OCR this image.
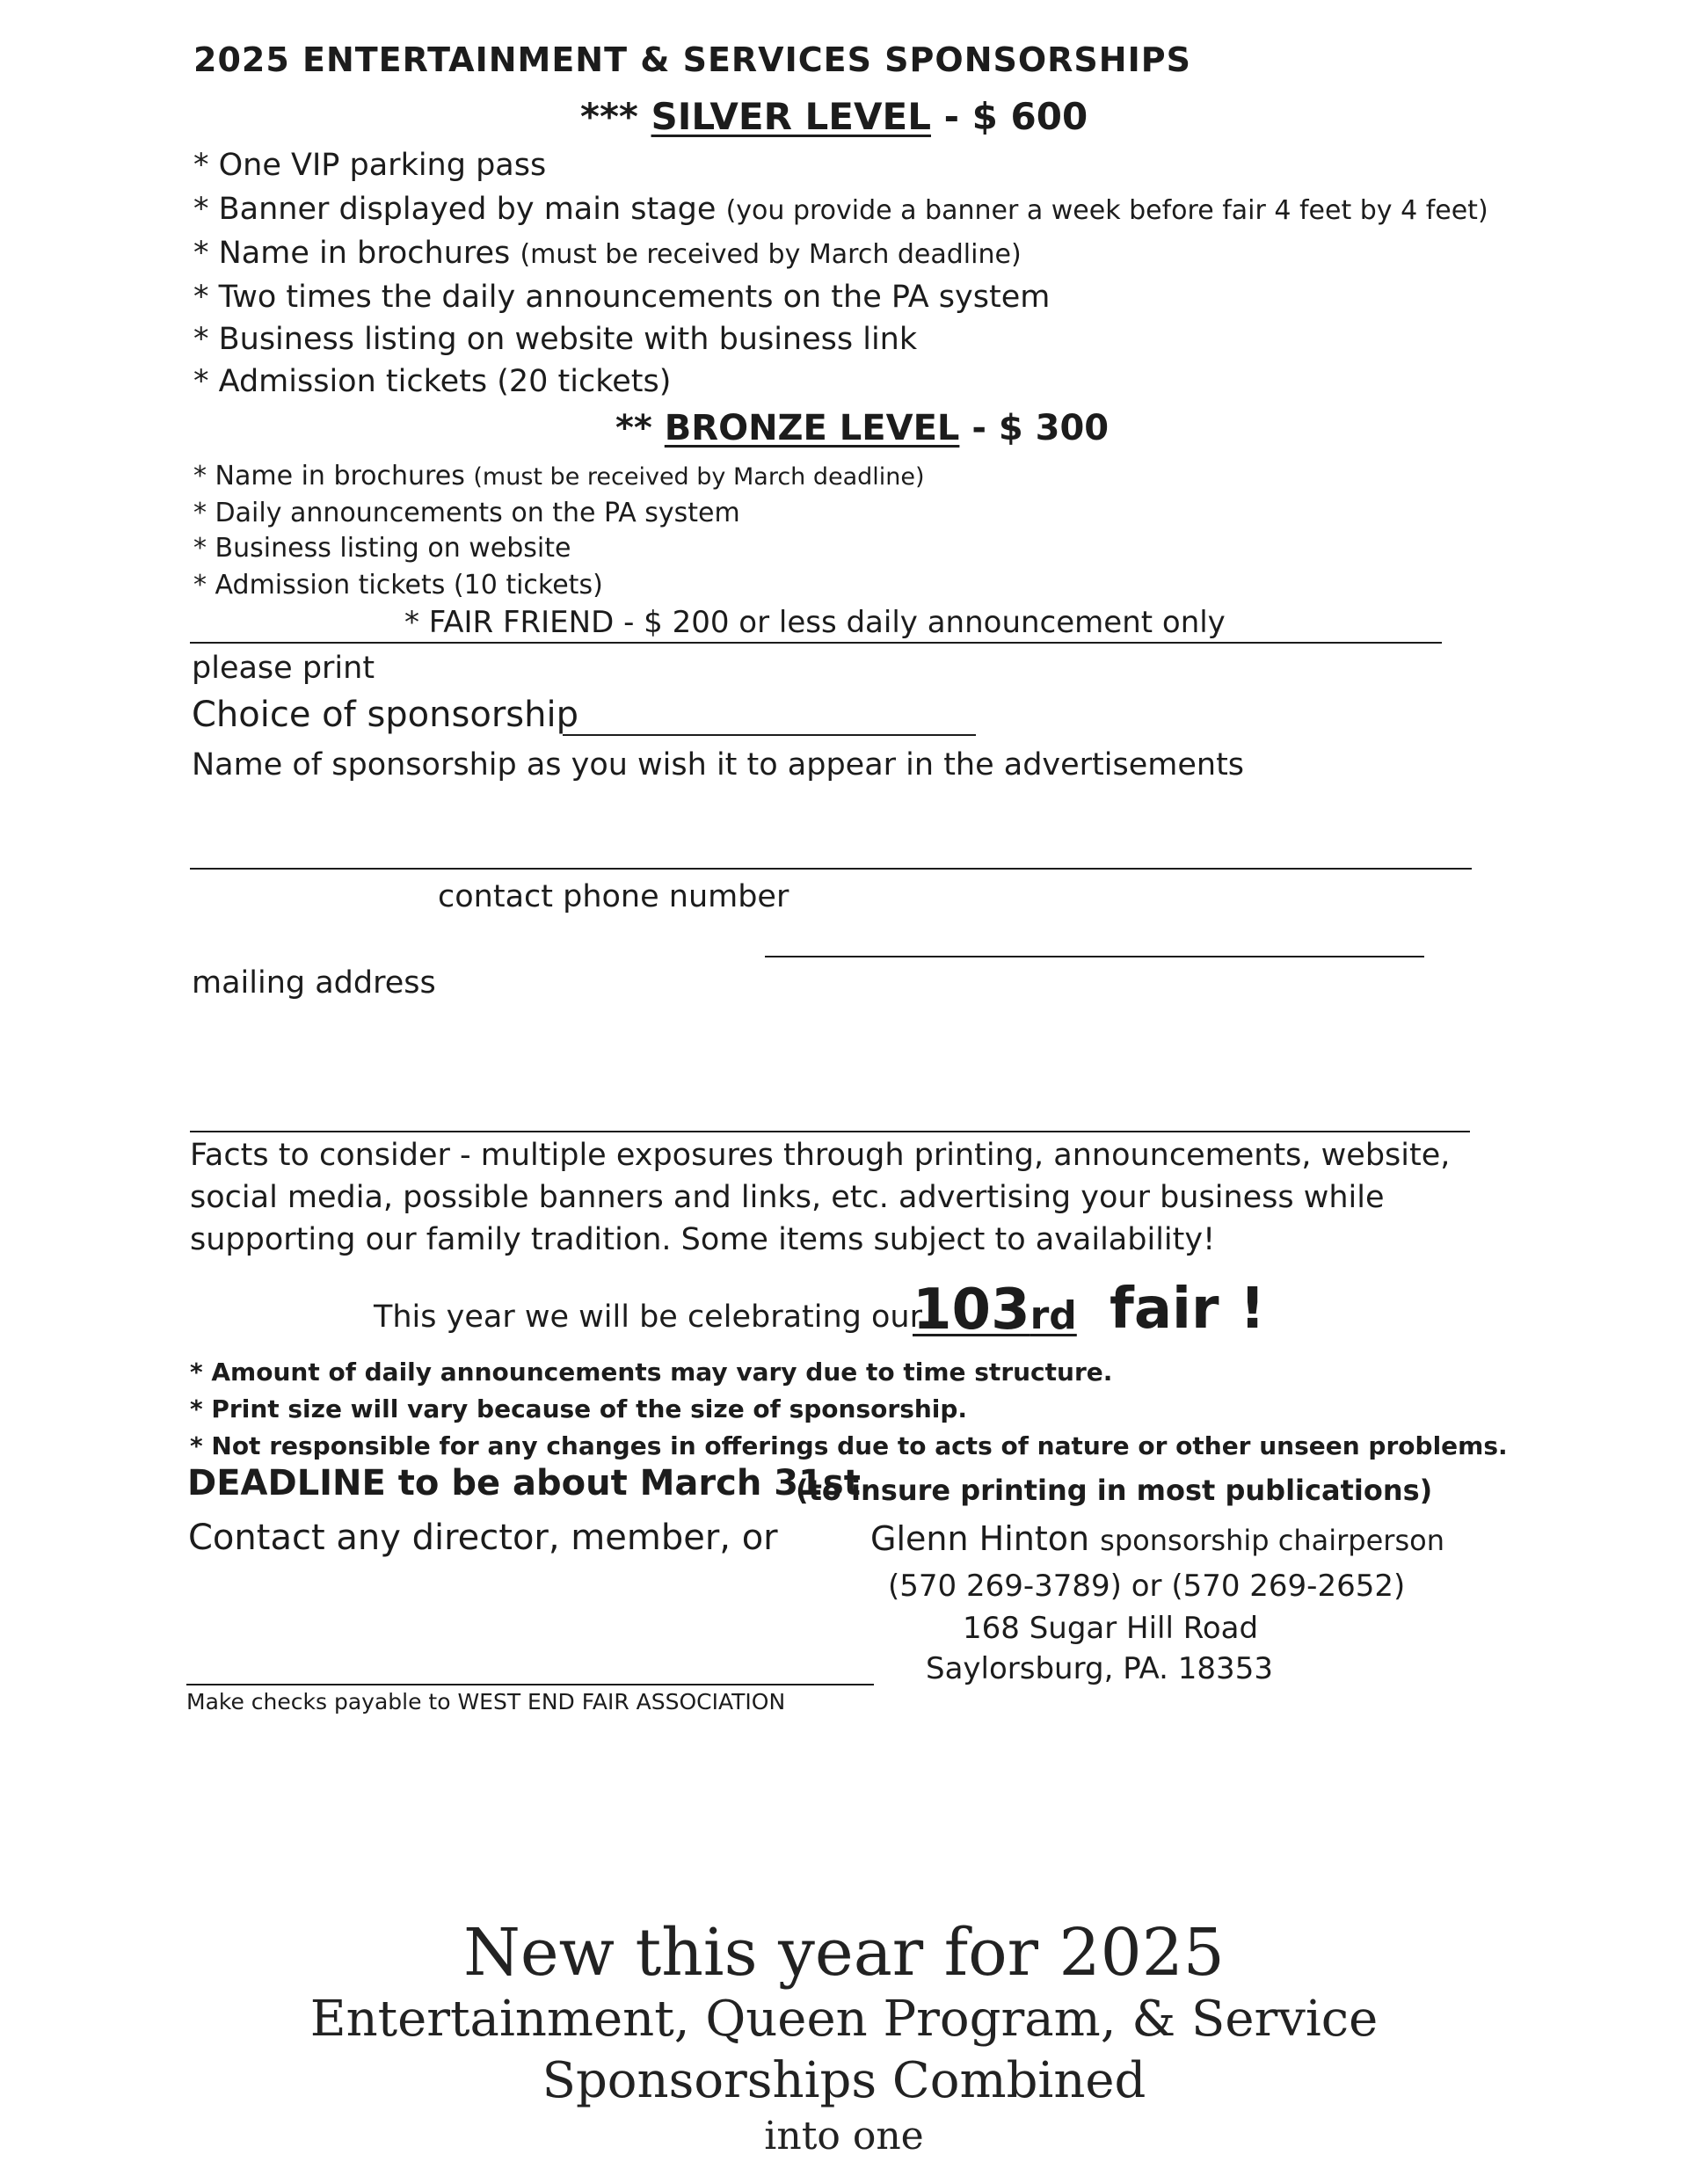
2025 ENTERTAINMENT & SERVICES SPONSORSHIPS
*** SILVER LEVEL - $ 600
* One VIP parking pass
* Banner displayed by main stage (you provide a banner a week before fair 4 feet by 4 feet)
* Name in brochures (must be received by March deadline)
* Two times the daily announcements on the PA system
* Business listing on website with business link
* Admission tickets (20 tickets)
** BRONZE LEVEL - $ 300
* Name in brochures (must be received by March deadline)
* Daily announcements on the PA system
* Business listing on website
* Admission tickets (10 tickets)
* FAIR FRIEND - $ 200 or less daily announcement only
please print
Choice of sponsorship
Name of sponsorship as you wish it to appear in the advertisements
contact phone number
mailing address
Facts to consider - multiple exposures through printing, announcements, website, social media, possible banners and links, etc. advertising your business while supporting our family tradition. Some items subject to availability!
This year we will be celebrating our
103rd fair !
* Amount of daily announcements may vary due to time structure.
* Print size will vary because of the size of sponsorship.
* Not responsible for any changes in offerings due to acts of nature or other unseen problems.
DEADLINE to be about March 31st
(to insure printing in most publications)
Contact any director, member, or	Glenn Hinton sponsorship chairperson
(570 269-3789) or (570 269-2652)
168 Sugar Hill Road
Saylorsburg, PA. 18353
Make checks payable to WEST END FAIR ASSOCIATION
New this year for 2025
Entertainment, Queen Program, & Service
Sponsorships Combined
into one
